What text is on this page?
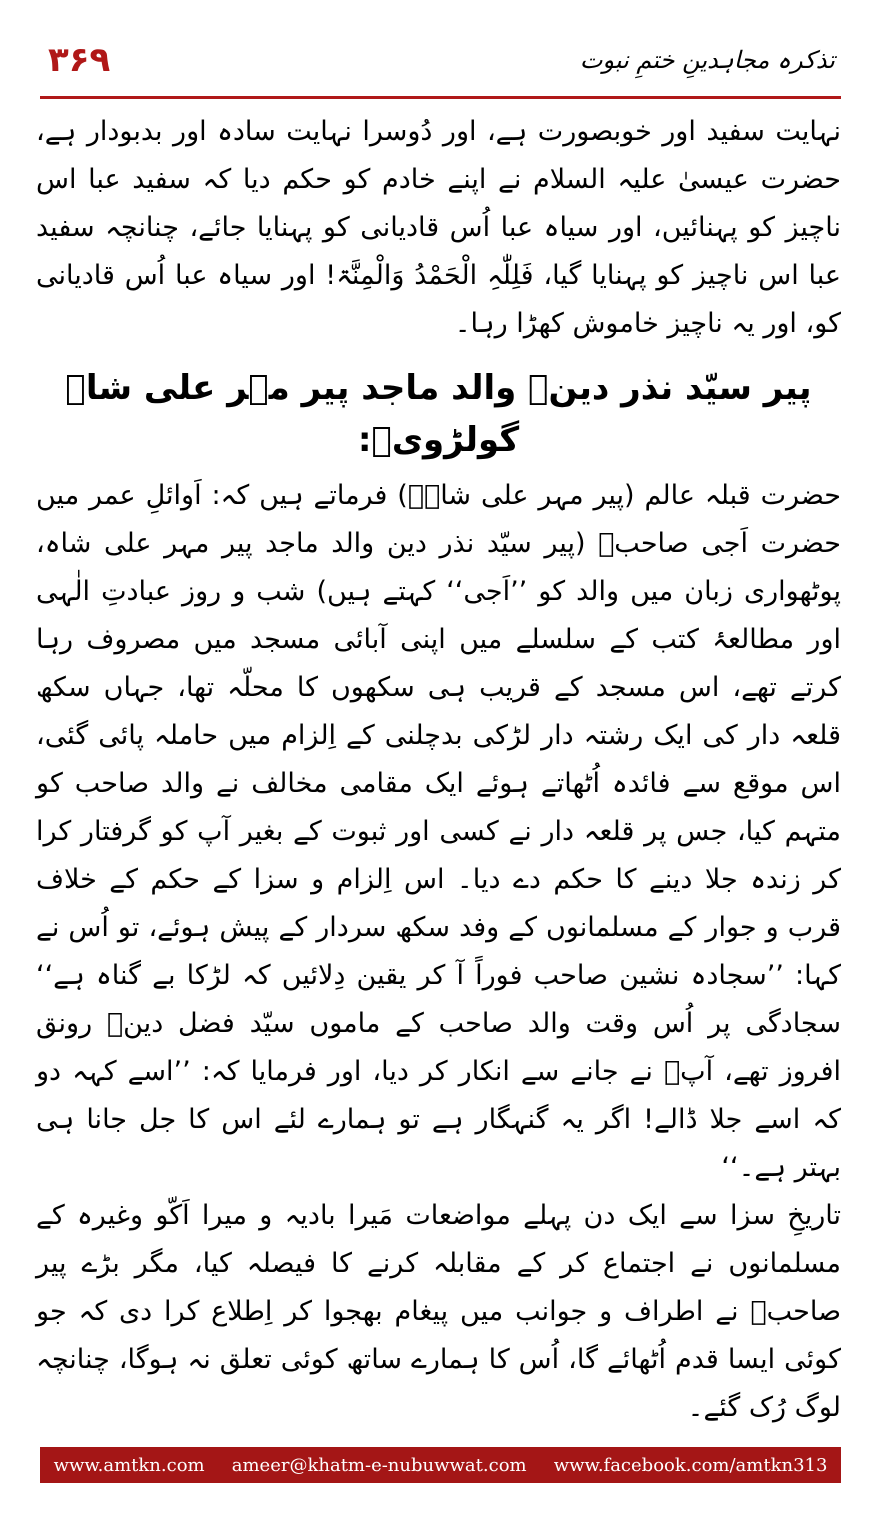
۳۶۹	تذکرہ مجاہدینِ ختمِ نبوت

نہایت سفید اور خوبصورت ہے، اور دُوسرا نہایت سادہ اور بدبودار ہے، حضرت عیسیٰ علیہ السلام نے اپنے خادم کو حکم دیا کہ سفید عبا اس ناچیز کو پہنائیں، اور سیاہ عبا اُس قادیانی کو پہنایا جائے، چنانچہ سفید عبا اس ناچیز کو پہنایا گیا، فَلِلّٰہِ الْحَمْدُ وَالْمِنَّۃ! اور سیاہ عبا اُس قادیانی کو، اور یہ ناچیز خاموش کھڑا رہا۔

پیر سیّد نذر دینؒ والد ماجد پیر مہر علی شاہ گولڑویؒ:

حضرت قبلہ عالم (پیر مہر علی شاہؒ) فرماتے ہیں کہ: اَوائلِ عمر میں حضرت اَجی صاحبؒ (پیر سیّد نذر دین والد ماجد پیر مہر علی شاہ، پوٹھواری زبان میں والد کو ’’اَجی‘‘ کہتے ہیں) شب و روز عبادتِ الٰہی اور مطالعۂ کتب کے سلسلے میں اپنی آبائی مسجد میں مصروف رہا کرتے تھے، اس مسجد کے قریب ہی سکھوں کا محلّہ تھا، جہاں سکھ قلعہ دار کی ایک رشتہ دار لڑکی بدچلنی کے اِلزام میں حاملہ پائی گئی، اس موقع سے فائدہ اُٹھاتے ہوئے ایک مقامی مخالف نے والد صاحب کو متہم کیا، جس پر قلعہ دار نے کسی اور ثبوت کے بغیر آپ کو گرفتار کرا کر زندہ جلا دینے کا حکم دے دیا۔ اس اِلزام و سزا کے حکم کے خلاف قرب و جوار کے مسلمانوں کے وفد سکھ سردار کے پیش ہوئے، تو اُس نے کہا: ’’سجادہ نشین صاحب فوراً آ کر یقین دِلائیں کہ لڑکا بے گناہ ہے‘‘ سجادگی پر اُس وقت والد صاحب کے ماموں سیّد فضل دینؒ رونق افروز تھے، آپؒ نے جانے سے انکار کر دیا، اور فرمایا کہ: ’’اسے کہہ دو کہ اسے جلا ڈالے! اگر یہ گنہگار ہے تو ہمارے لئے اس کا جل جانا ہی بہتر ہے۔‘‘

تاریخِ سزا سے ایک دن پہلے مواضعات مَیرا بادیہ و میرا اَکّو وغیرہ کے مسلمانوں نے اجتماع کر کے مقابلہ کرنے کا فیصلہ کیا، مگر بڑے پیر صاحبؒ نے اطراف و جوانب میں پیغام بھجوا کر اِطلاع کرا دی کہ جو کوئی ایسا قدم اُٹھائے گا، اُس کا ہمارے ساتھ کوئی تعلق نہ ہوگا، چنانچہ لوگ رُک گئے۔

www.amtkn.com ameer@khatm-e-nubuwwat.com www.facebook.com/amtkn313
